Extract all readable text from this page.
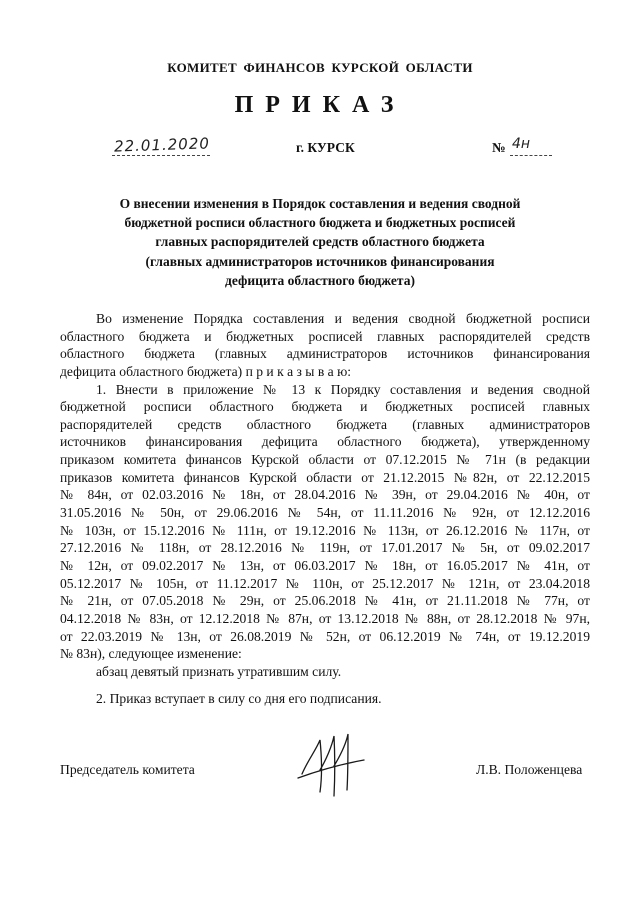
КОМИТЕТ ФИНАНСОВ КУРСКОЙ ОБЛАСТИ
ПРИКАЗ
22.01.2020	г. КУРСК	№ 4н
О внесении изменения в Порядок составления и ведения сводной
бюджетной росписи областного бюджета и бюджетных росписей
главных распорядителей средств областного бюджета
(главных администраторов источников финансирования
дефицита областного бюджета)
Во изменение Порядка составления и ведения сводной бюджетной росписи
областного бюджета и бюджетных росписей главных распорядителей средств
областного бюджета (главных администраторов источников финансирования
дефицита областного бюджета) п р и к а з ы в а ю:
1. Внести в приложение № 13 к Порядку составления и ведения сводной
бюджетной росписи областного бюджета и бюджетных росписей главных
распорядителей средств областного бюджета (главных администраторов
источников финансирования дефицита областного бюджета), утвержденному
приказом комитета финансов Курской области от 07.12.2015 № 71н (в редакции
приказов комитета финансов Курской области от 21.12.2015 №82н, от 22.12.2015
№ 84н, от 02.03.2016 № 18н, от 28.04.2016 № 39н, от 29.04.2016 № 40н, от
31.05.2016 № 50н, от 29.06.2016 № 54н, от 11.11.2016 № 92н, от 12.12.2016
№ 103н, от 15.12.2016 № 111н, от 19.12.2016 № 113н, от 26.12.2016 № 117н, от
27.12.2016 № 118н, от 28.12.2016 № 119н, от 17.01.2017 № 5н, от 09.02.2017
№ 12н, от 09.02.2017 № 13н, от 06.03.2017 № 18н, от 16.05.2017 № 41н, от
05.12.2017 № 105н, от 11.12.2017 № 110н, от 25.12.2017 № 121н, от 23.04.2018
№ 21н, от 07.05.2018 № 29н, от 25.06.2018 № 41н, от 21.11.2018 № 77н, от
04.12.2018 № 83н, от 12.12.2018 № 87н, от 13.12.2018 № 88н, от 28.12.2018 № 97н,
от 22.03.2019 № 13н, от 26.08.2019 № 52н, от 06.12.2019 № 74н, от 19.12.2019
№ 83н), следующее изменение:
абзац девятый признать утратившим силу.
2. Приказ вступает в силу со дня его подписания.
Председатель комитета	Л.В. Положенцева
